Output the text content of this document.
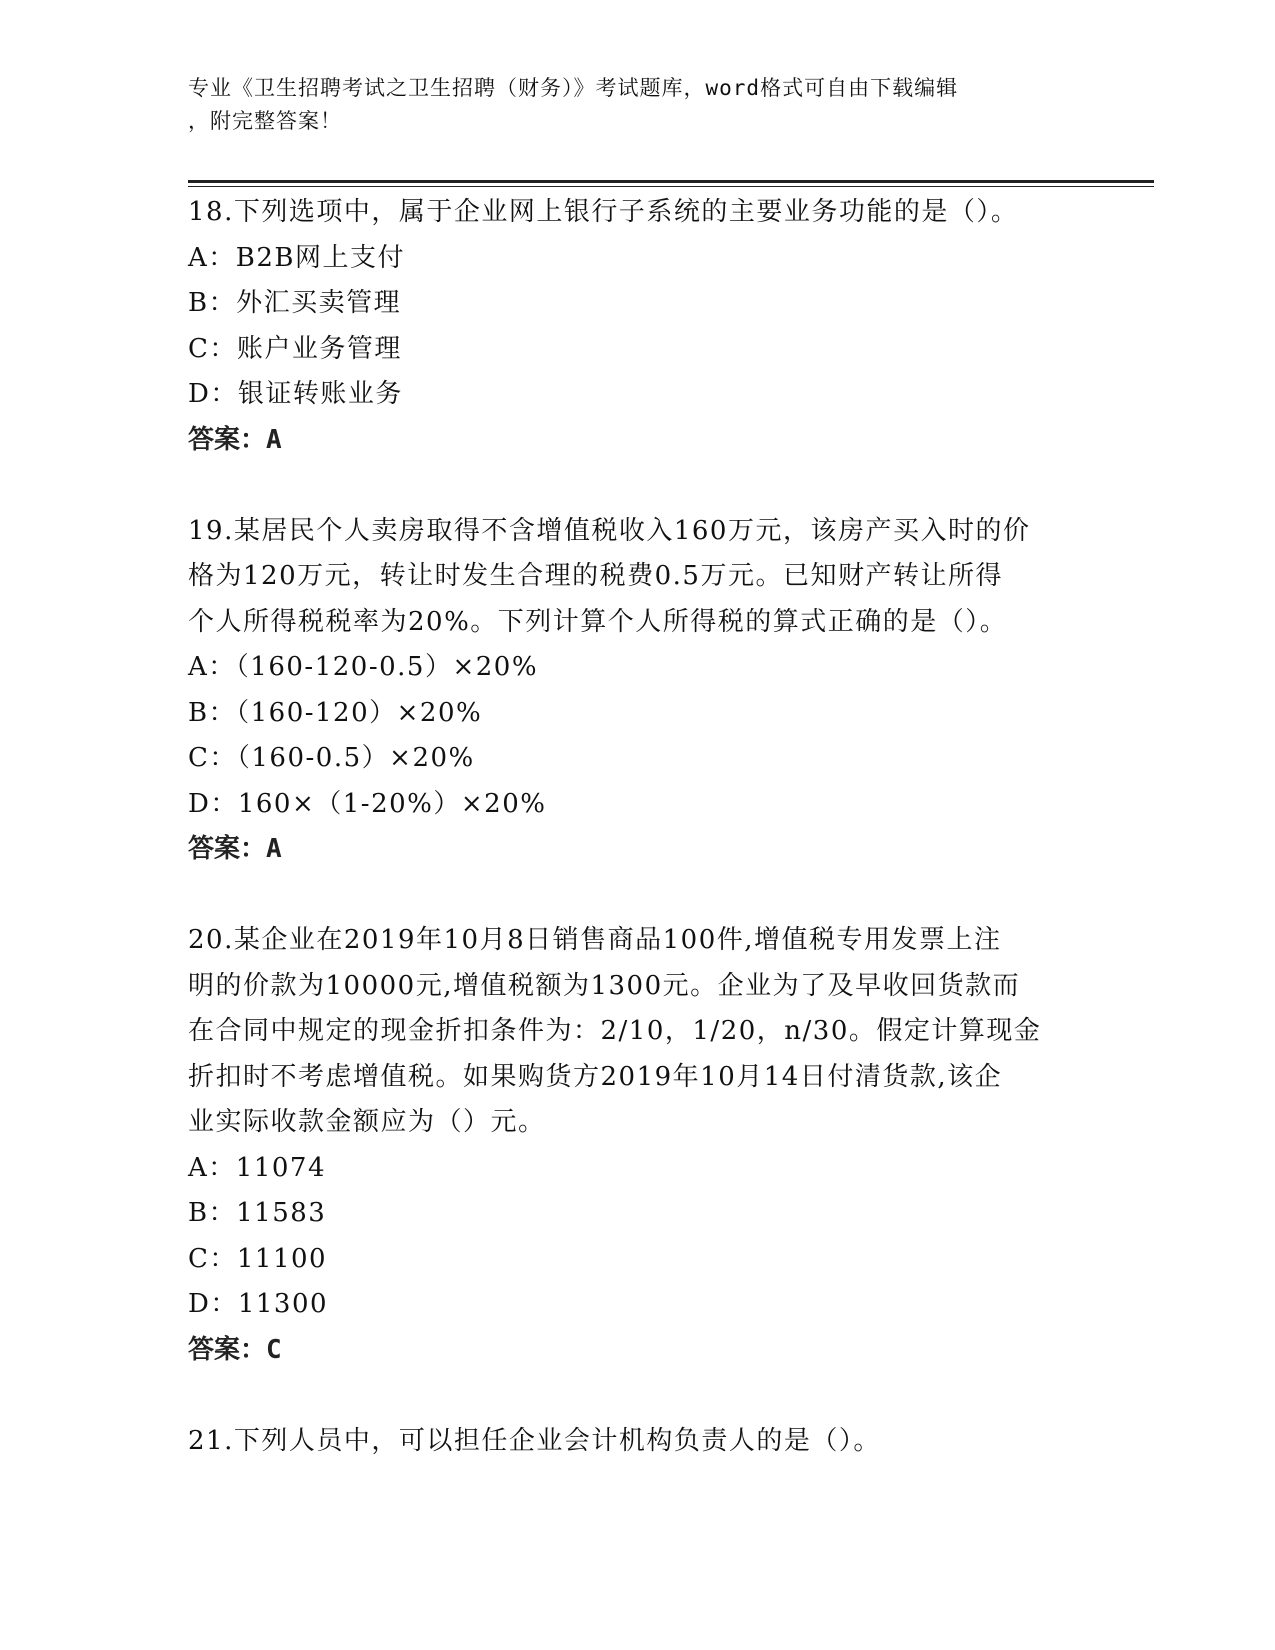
专业《卫生招聘考试之卫生招聘（财务）》考试题库，word格式可自由下载编辑
，附完整答案！

18.下列选项中，属于企业网上银行子系统的主要业务功能的是（）。

A：B2B网上支付

B：外汇买卖管理

C：账户业务管理

D：银证转账业务

答案：A

19.某居民个人卖房取得不含增值税收入160万元，该房产买入时的价

格为120万元，转让时发生合理的税费0.5万元。已知财产转让所得

个人所得税税率为20%。下列计算个人所得税的算式正确的是（）。

A：（160-120-0.5）×20%

B：（160-120）×20%

C：（160-0.5）×20%

D：160×（1-20%）×20%

答案：A

20.某企业在2019年10月8日销售商品100件,增值税专用发票上注

明的价款为10000元,增值税额为1300元。企业为了及早收回货款而

在合同中规定的现金折扣条件为：2/10，1/20，n/30。假定计算现金

折扣时不考虑增值税。如果购货方2019年10月14日付清货款,该企

业实际收款金额应为（）元。

A：11074

B：11583

C：11100

D：11300

答案：C

21.下列人员中，可以担任企业会计机构负责人的是（）。
